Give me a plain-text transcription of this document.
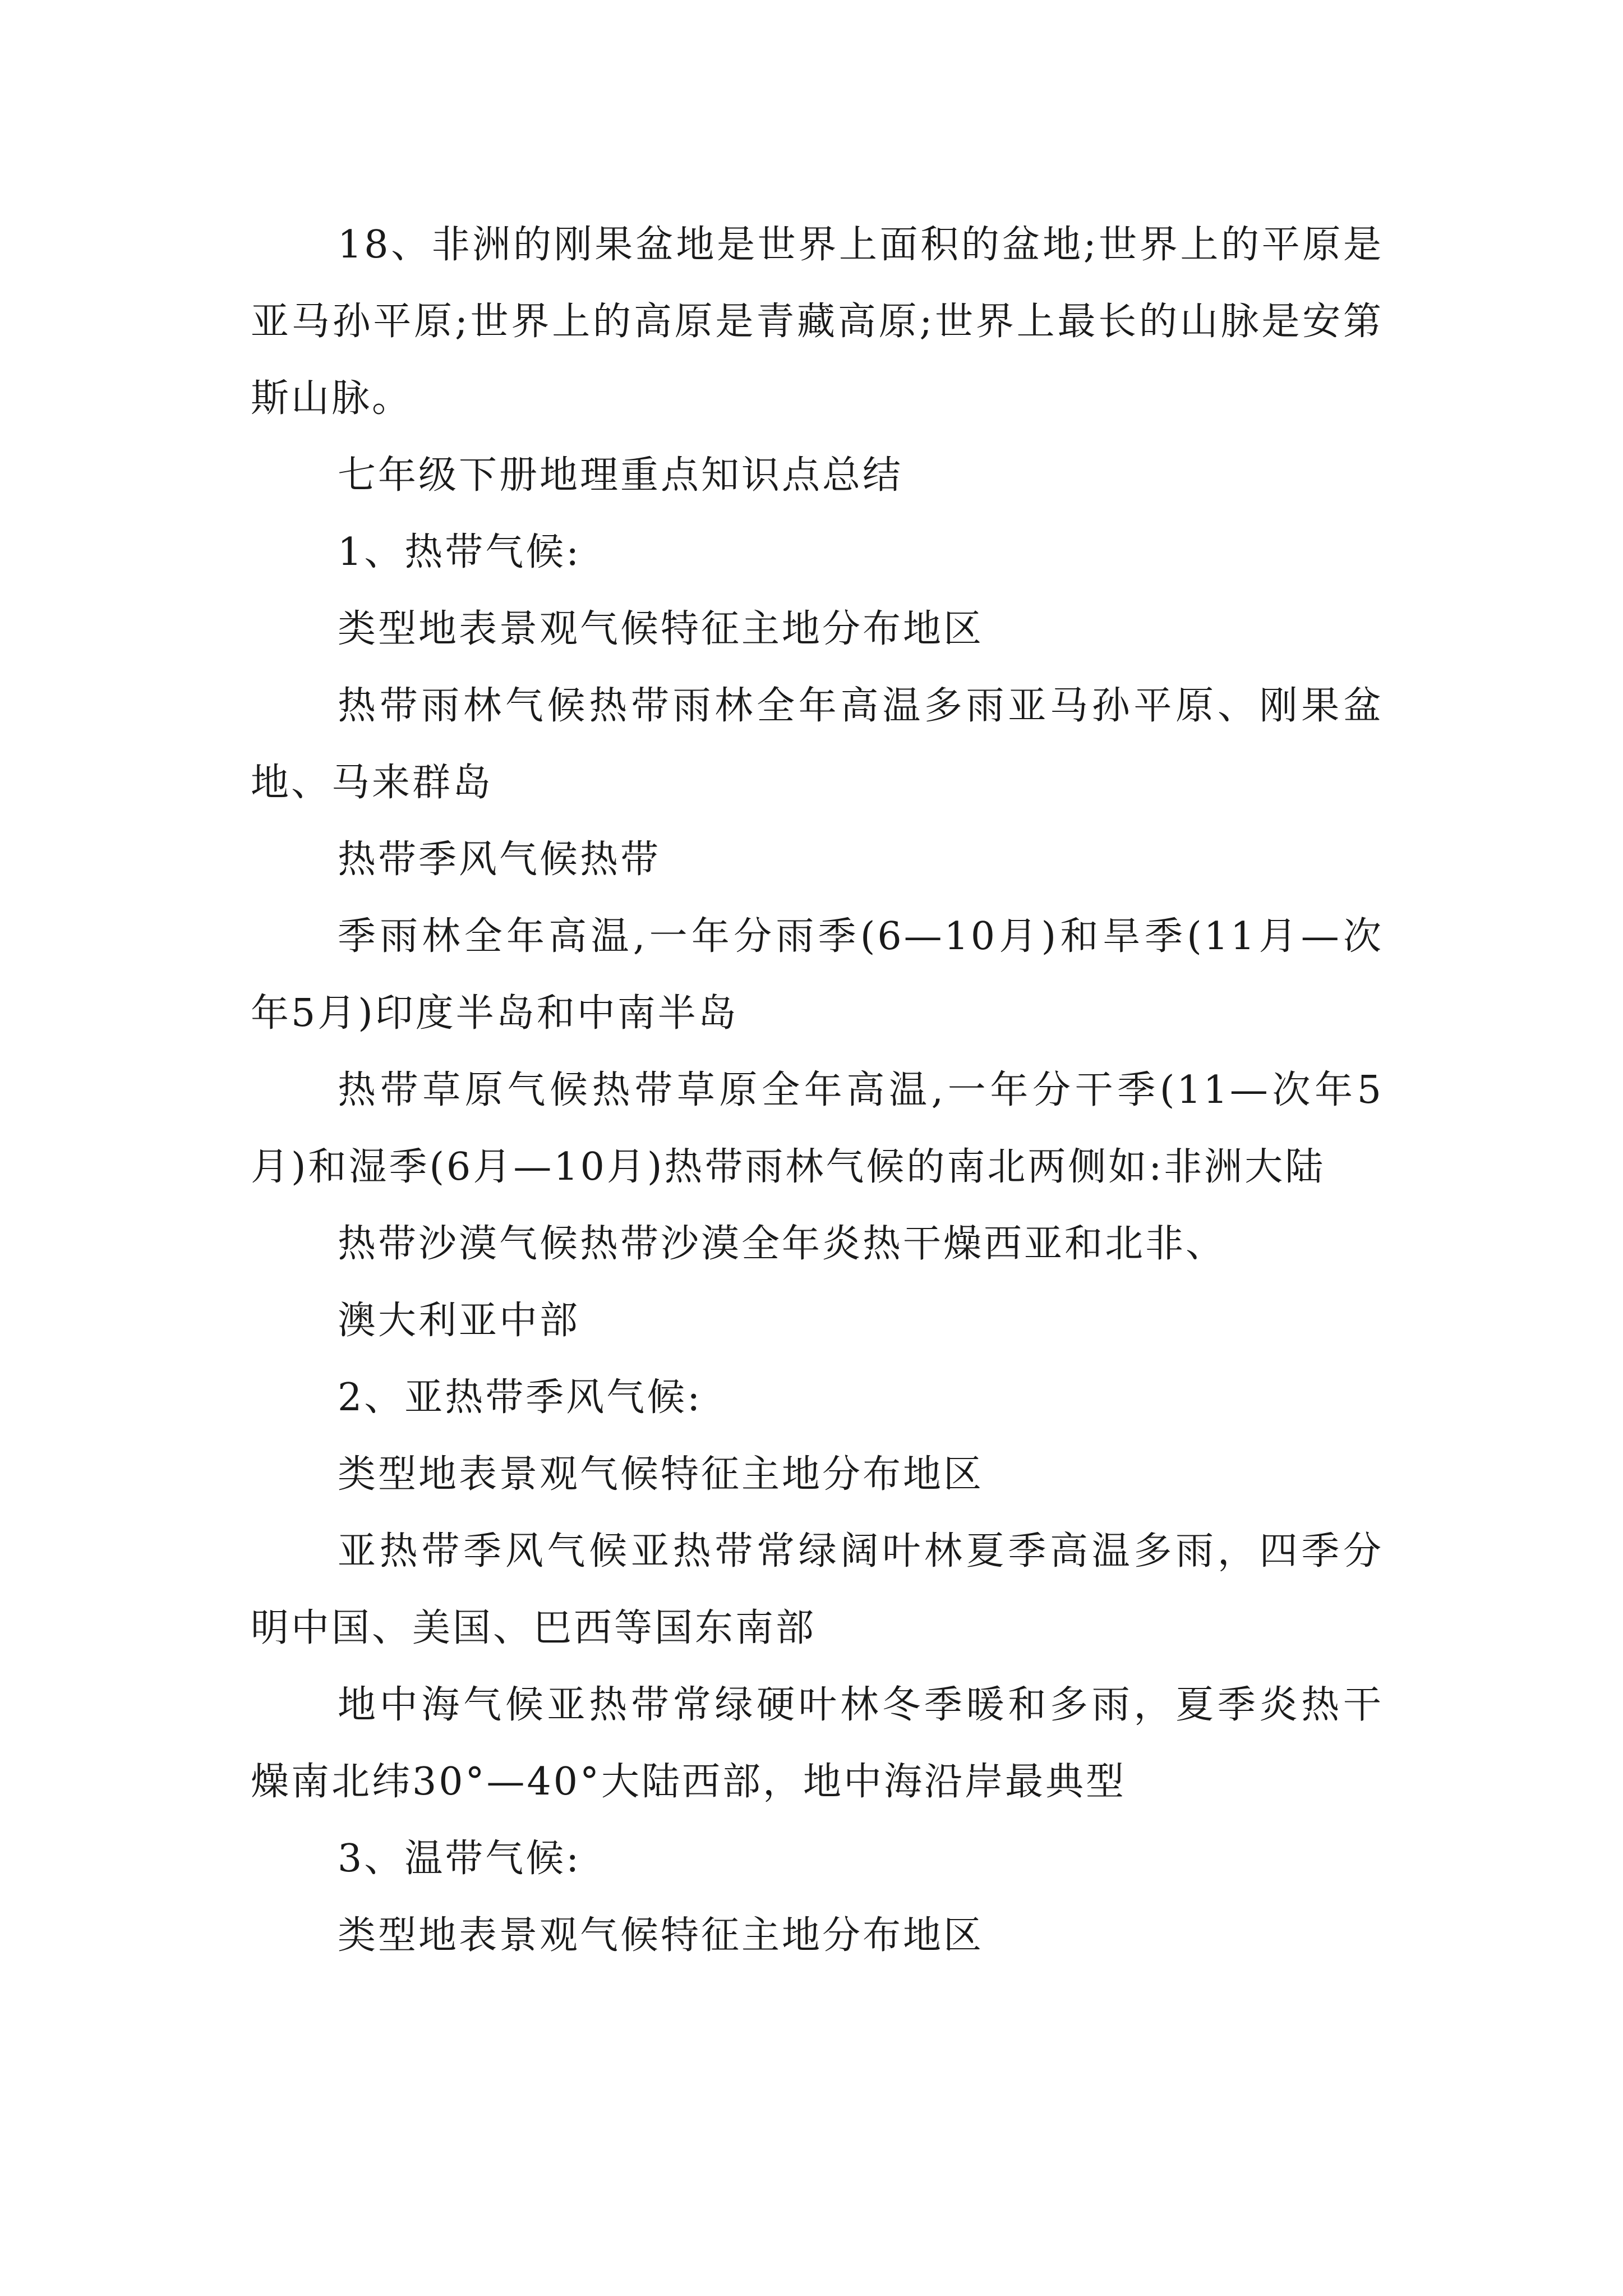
18、非洲的刚果盆地是世界上面积的盆地;世界上的平原是亚马孙平原;世界上的高原是青藏高原;世界上最长的山脉是安第斯山脉。

七年级下册地理重点知识点总结

1、热带气候:

类型地表景观气候特征主地分布地区

热带雨林气候热带雨林全年高温多雨亚马孙平原、刚果盆地、马来群岛

热带季风气候热带

季雨林全年高温,一年分雨季(6—10月)和旱季(11月—次年5月)印度半岛和中南半岛

热带草原气候热带草原全年高温,一年分干季(11—次年5月)和湿季(6月—10月)热带雨林气候的南北两侧如:非洲大陆

热带沙漠气候热带沙漠全年炎热干燥西亚和北非、

澳大利亚中部

2、亚热带季风气候:

类型地表景观气候特征主地分布地区

亚热带季风气候亚热带常绿阔叶林夏季高温多雨，四季分明中国、美国、巴西等国东南部

地中海气候亚热带常绿硬叶林冬季暖和多雨，夏季炎热干燥南北纬30°—40°大陆西部，地中海沿岸最典型

3、温带气候:

类型地表景观气候特征主地分布地区
